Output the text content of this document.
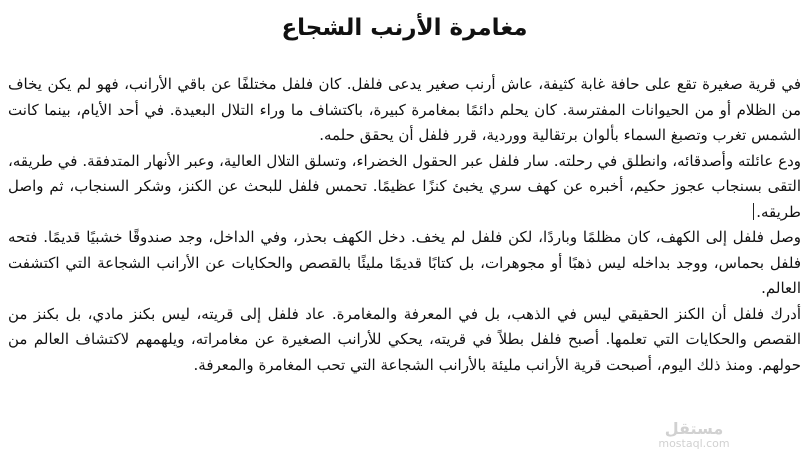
مغامرة الأرنب الشجاع

في قرية صغيرة تقع على حافة غابة كثيفة، عاش أرنب صغير يدعى فلفل. كان فلفل مختلفًا عن باقي الأرانب، فهو لم يكن يخاف من الظلام أو من الحيوانات المفترسة. كان يحلم دائمًا بمغامرة كبيرة، باكتشاف ما وراء التلال البعيدة. في أحد الأيام، بينما كانت الشمس تغرب وتصبغ السماء بألوان برتقالية ووردية، قرر فلفل أن يحقق حلمه.

ودع عائلته وأصدقائه، وانطلق في رحلته. سار فلفل عبر الحقول الخضراء، وتسلق التلال العالية، وعبر الأنهار المتدفقة. في طريقه، التقى بسنجاب عجوز حكيم، أخبره عن كهف سري يخبئ كنزًا عظيمًا. تحمس فلفل للبحث عن الكنز، وشكر السنجاب، ثم واصل طريقه.

وصل فلفل إلى الكهف، كان مظلمًا وباردًا، لكن فلفل لم يخف. دخل الكهف بحذر، وفي الداخل، وجد صندوقًا خشبيًا قديمًا. فتحه فلفل بحماس، ووجد بداخله ليس ذهبًا أو مجوهرات، بل كتابًا قديمًا مليئًا بالقصص والحكايات عن الأرانب الشجاعة التي اكتشفت العالم.

أدرك فلفل أن الكنز الحقيقي ليس في الذهب، بل في المعرفة والمغامرة. عاد فلفل إلى قريته، ليس بكنز مادي، بل بكنز من القصص والحكايات التي تعلمها. أصبح فلفل بطلاً في قريته، يحكي للأرانب الصغيرة عن مغامراته، ويلهمهم لاكتشاف العالم من حولهم. ومنذ ذلك اليوم، أصبحت قرية الأرانب مليئة بالأرانب الشجاعة التي تحب المغامرة والمعرفة.

مستقل
mostaql.com
